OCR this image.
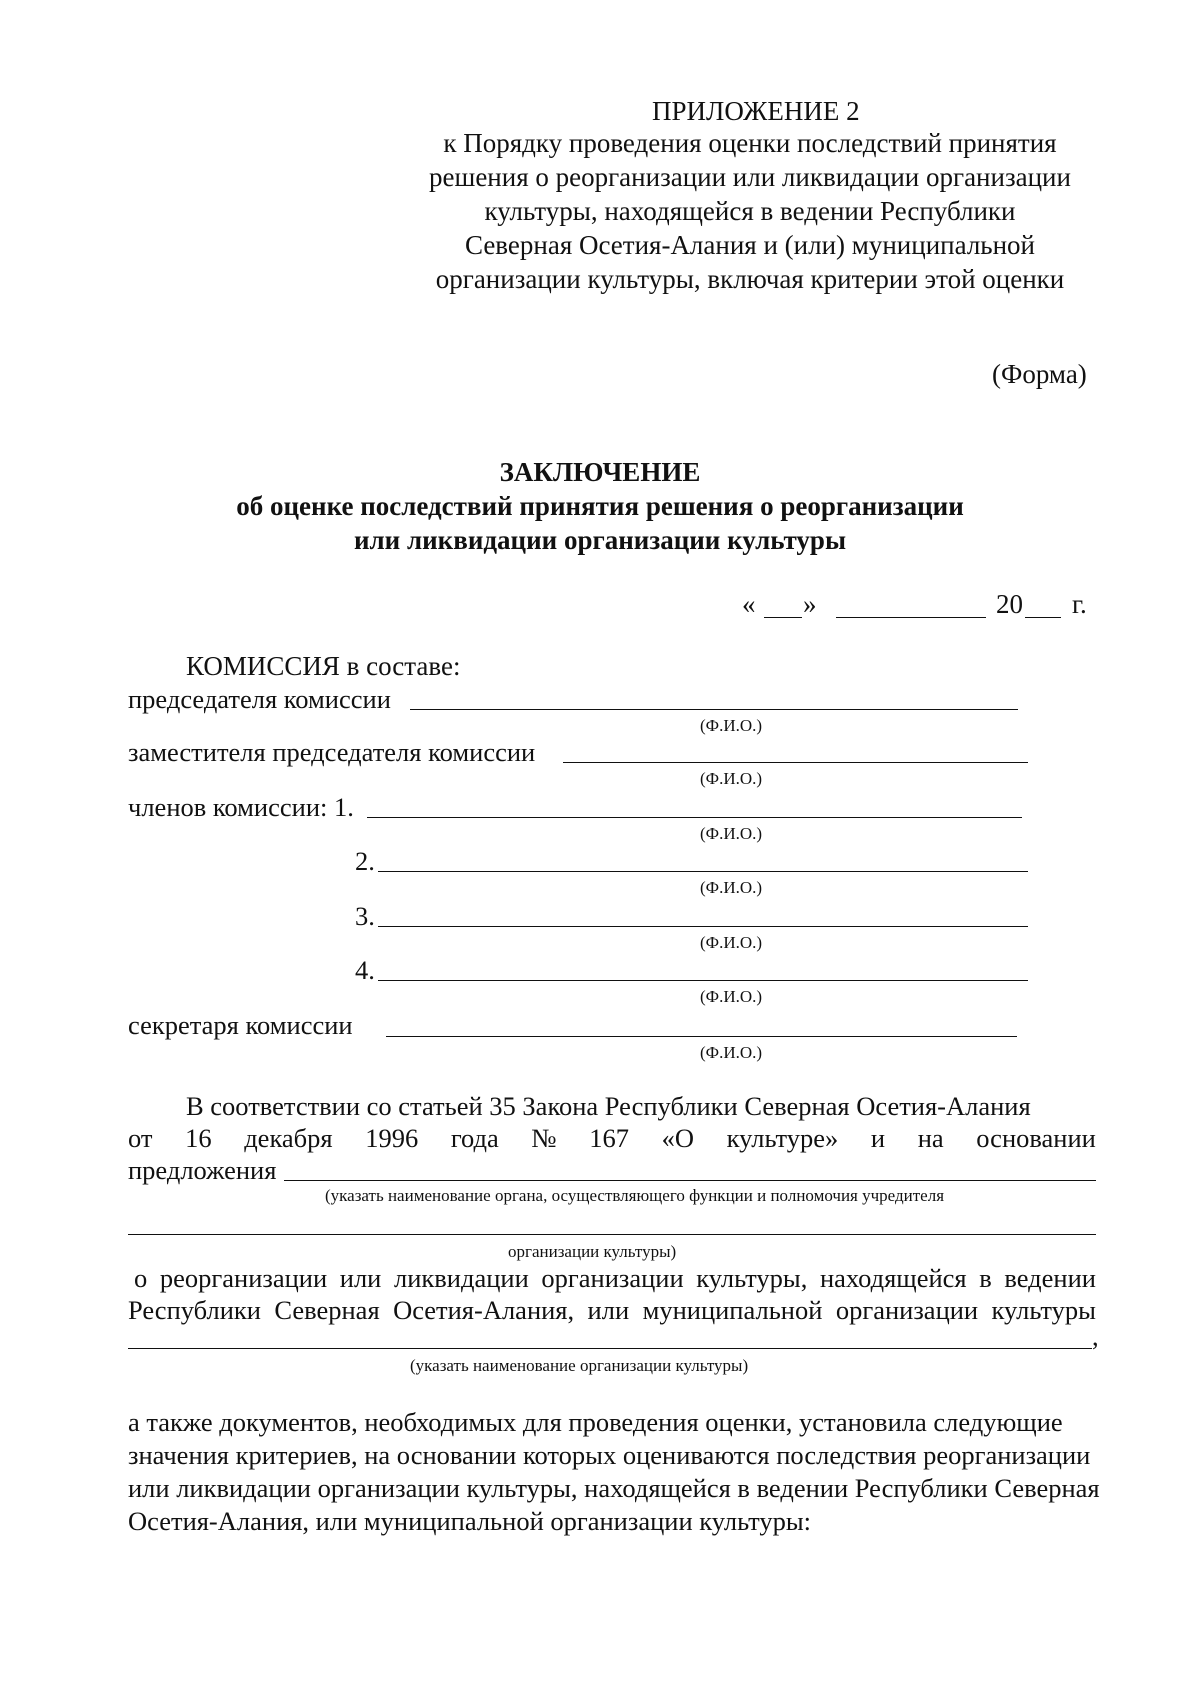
ПРИЛОЖЕНИЕ 2
к Порядку проведения оценки последствий принятия
решения о реорганизации или ликвидации организации
культуры, находящейся в ведении Республики
Северная Осетия-Алания и (или) муниципальной
организации культуры, включая критерии этой оценки
(Форма)
ЗАКЛЮЧЕНИЕ
об оценке последствий принятия решения о реорганизации
или ликвидации организации культуры
« »	20 г.
КОМИССИЯ в составе:
председателя комиссии
(Ф.И.О.)
заместителя председателя комиссии
(Ф.И.О.)
членов комиссии: 1.
(Ф.И.О.)
2.
(Ф.И.О.)
3.
(Ф.И.О.)
4.
(Ф.И.О.)
секретаря комиссии
(Ф.И.О.)
В соответствии со статьей 35 Закона Республики Северная Осетия-Алания
от 16 декабря 1996 года № 167 «О культуре» и на основании
предложения
(указать наименование органа, осуществляющего функции и полномочия учредителя
организации культуры)
о реорганизации или ликвидации организации культуры, находящейся в ведении
Республики Северная Осетия-Алания, или муниципальной организации культуры
,
(указать наименование организации культуры)
а также документов, необходимых для проведения оценки, установила следующие
значения критериев, на основании которых оцениваются последствия реорганизации
или ликвидации организации культуры, находящейся в ведении Республики Северная
Осетия-Алания, или муниципальной организации культуры:
